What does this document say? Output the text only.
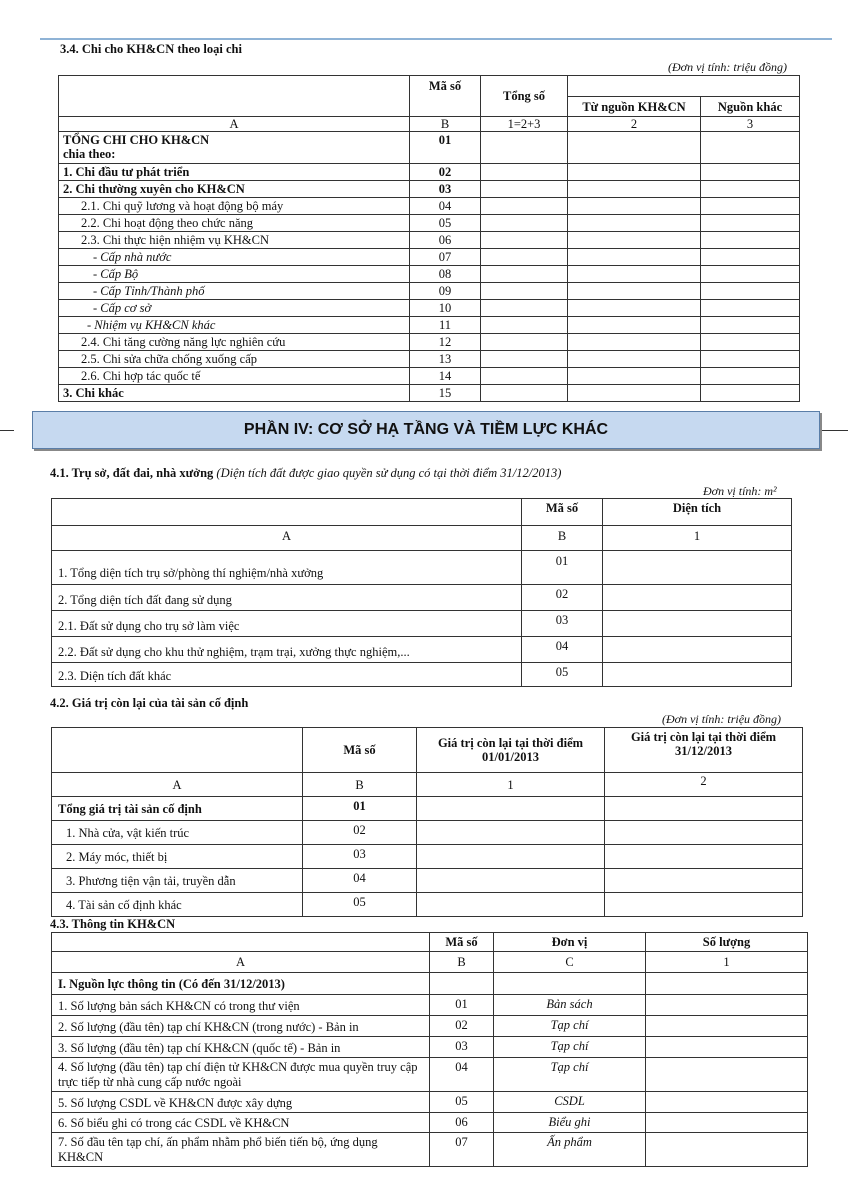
3.4. Chi cho KH&CN theo loại chi
(Đơn vị tính: triệu đồng)
	Mã số	Tổng số		
			Từ nguồn KH&CN	Nguồn khác
A	B	1=2+3	2	3

TỔNG CHI CHO KH&CN
chia theo:	01			
1. Chi đầu tư phát triển	02			
2. Chi thường xuyên cho KH&CN	03			
2.1. Chi quỹ lương và hoạt động bộ máy	04			
2.2. Chi hoạt động theo chức năng	05			
2.3. Chi thực hiện nhiệm vụ KH&CN	06			
- Cấp nhà nước	07			
- Cấp Bộ	08			
- Cấp Tỉnh/Thành phố	09			
- Cấp cơ sở	10			
- Nhiệm vụ KH&CN khác	11			
2.4. Chi tăng cường năng lực nghiên cứu	12			
2.5. Chi sửa chữa chống xuống cấp	13			
2.6. Chi hợp tác quốc tế	14			
3. Chi khác	15			
PHẦN IV: CƠ SỞ HẠ TẦNG VÀ TIỀM LỰC KHÁC
4.1. Trụ sở, đất đai, nhà xưởng (Diện tích đất được giao quyền sử dụng có tại thời điểm 31/12/2013)
Đơn vị tính: m²
	Mã số	Diện tích
A	B	1
1. Tổng diện tích trụ sở/phòng thí nghiệm/nhà xưởng	01	
2. Tổng diện tích đất đang sử dụng	02	
2.1. Đất sử dụng cho trụ sở làm việc	03	
2.2. Đất sử dụng cho khu thử nghiệm, trạm trại, xưởng thực nghiệm,...	04	
2.3. Diện tích đất khác	05	
4.2. Giá trị còn lại của tài sản cố định
(Đơn vị tính: triệu đồng)
	Mã số	Giá trị còn lại tại thời điểm 01/01/2013	Giá trị còn lại tại thời điểm 31/12/2013
A	B	1	2
Tổng giá trị tài sản cố định	01		
1. Nhà cửa, vật kiến trúc	02		
2. Máy móc, thiết bị	03		
3. Phương tiện vận tải, truyền dẫn	04		
4. Tài sản cố định khác	05		
4.3. Thông tin KH&CN
	Mã số	Đơn vị	Số lượng
A	B	C	1
I. Nguồn lực thông tin (Có đến 31/12/2013)			
1. Số lượng bản sách KH&CN có trong thư viện	01	Bản sách	
2. Số lượng (đầu tên) tạp chí KH&CN (trong nước) - Bản in	02	Tạp chí	
3. Số lượng (đầu tên) tạp chí KH&CN (quốc tế) - Bản in	03	Tạp chí	
4. Số lượng (đầu tên) tạp chí điện tử KH&CN được mua quyền truy cập trực tiếp từ nhà cung cấp nước ngoài	04	Tạp chí	
5. Số lượng CSDL về KH&CN được xây dựng	05	CSDL	
6. Số biểu ghi có trong các CSDL về KH&CN	06	Biểu ghi	
7. Số đầu tên tạp chí, ấn phẩm nhằm phổ biến tiến bộ, ứng dụng KH&CN	07	Ấn phẩm	
